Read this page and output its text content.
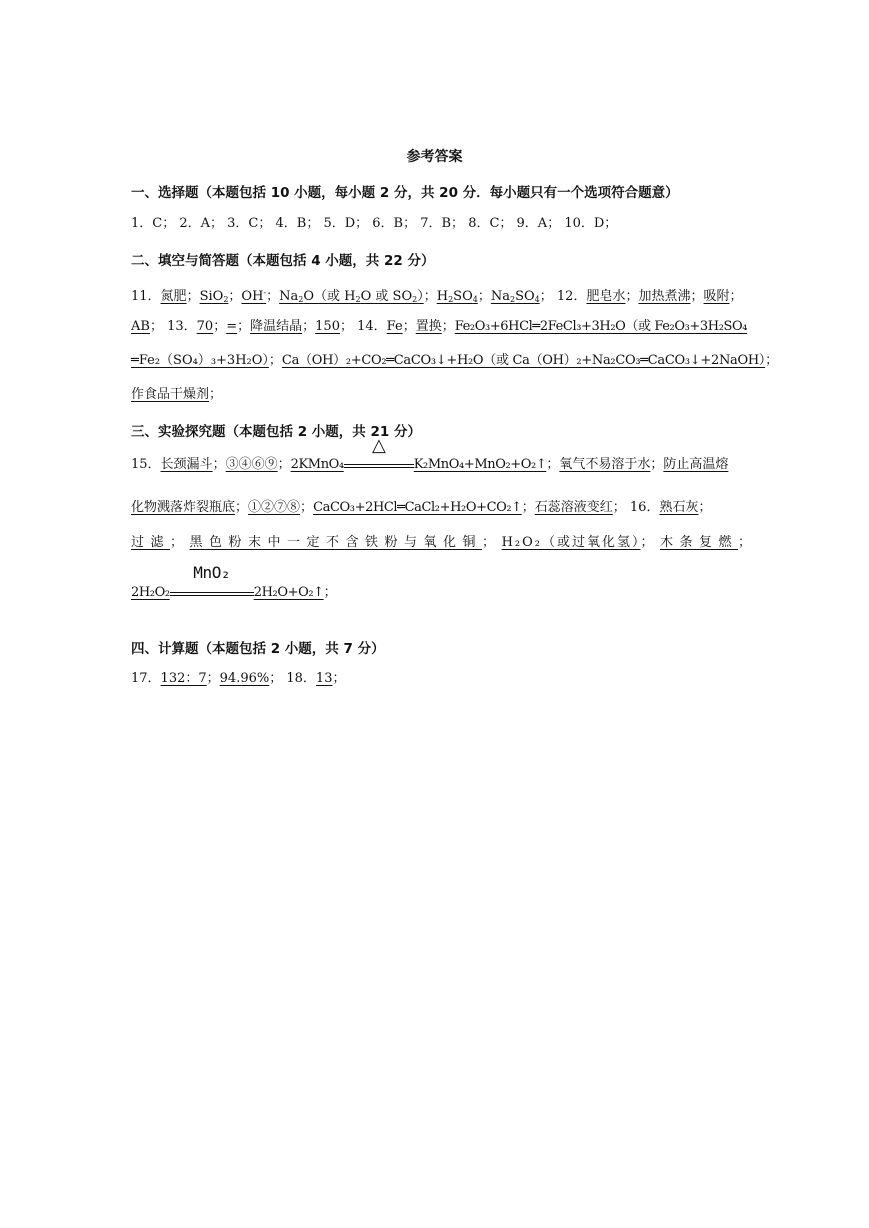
参考答案
一、选择题（本题包括 10 小题，每小题 2 分，共 20 分．每小题只有一个选项符合题意）
1．C； 2．A； 3．C； 4．B； 5．D； 6．B； 7．B； 8．C； 9．A； 10．D；
二、填空与简答题（本题包括 4 小题，共 22 分）
11．氮肥；SiO$_2$；OH-；$Na_2O$（或 $H_2O$ 或 $SO_2$）；$H_2SO_4$；$Na_2SO_4$； 12．肥皂水；加热煮沸；吸附；
AB； 13．70；=；降温结晶；150； 14．Fe；置换；Fe₂O₃+6HCl═2FeCl₃+3H₂O（或 Fe₂O₃+3H₂SO₄
═Fe₂（SO₄）₃+3H₂O）；Ca（OH）₂+CO₂═CaCO₃↓+H₂O（或 Ca（OH）₂+Na₂CO₃═CaCO₃↓+2NaOH）；
作食品干燥剂；
三、实验探究题（本题包括 2 小题，共 21 分）
15．长颈漏斗；③④⑥⑨；2KMnO₄
△
K₂MnO₄+MnO₂+O₂↑；氧气不易溶于水；防止高温熔
化物溅落炸裂瓶底；①②⑦⑧；CaCO₃+2HCl═CaCl₂+H₂O+CO₂↑；石蕊溶液变红； 16．熟石灰；
过滤；黑色粉末中一定不含铁粉与氧化铜；H₂O₂（或过氧化氢）；木条复燃；
2H₂O₂
MnO₂
2H₂O+O₂↑；
四、计算题（本题包括 2 小题，共 7 分）
17．132：7；94.96%； 18．13；
